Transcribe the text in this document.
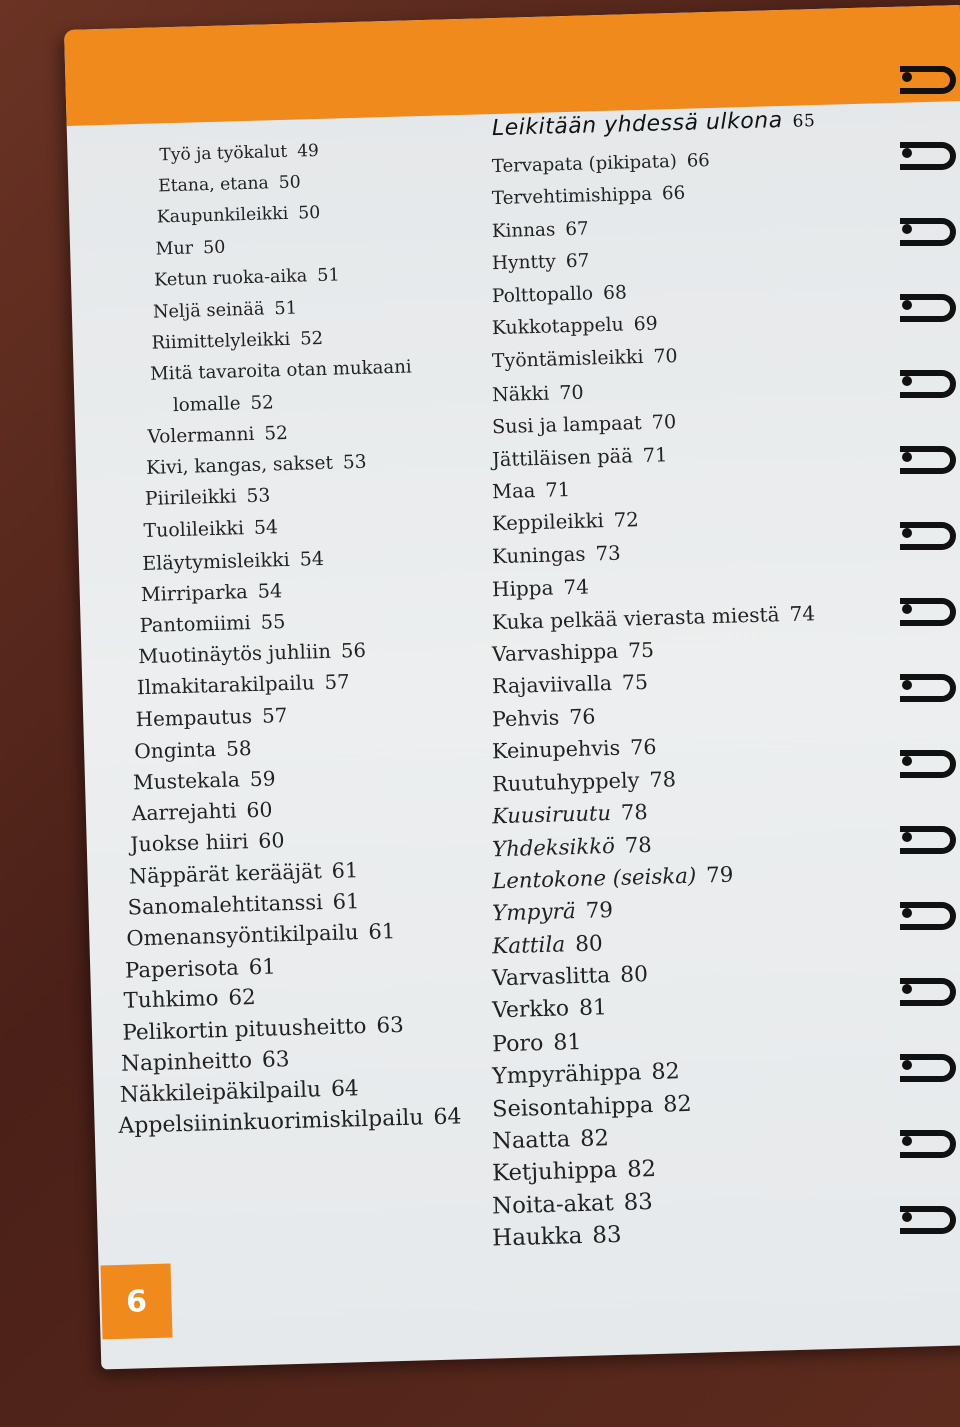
Leikitään yhdessä ulkona 65
Työ ja työkalut 49
Etana, etana 50
Kaupunkileikki 50
Mur 50
Ketun ruoka-aika 51
Neljä seinää 51
Riimittelyleikki 52
Mitä tavaroita otan mukaani
lomalle 52
Volermanni 52
Kivi, kangas, sakset 53
Piirileikki 53
Tuolileikki 54
Eläytymisleikki 54
Mirriparka 54
Pantomiimi 55
Muotinäytös juhliin 56
Ilmakitarakilpailu 57
Hempautus 57
Onginta 58
Mustekala 59
Aarrejahti 60
Juokse hiiri 60
Näppärät kerääjät 61
Sanomalehtitanssi 61
Omenansyöntikilpailu 61
Paperisota 61
Tuhkimo 62
Pelikortin pituusheitto 63
Napinheitto 63
Näkkileipäkilpailu 64
Appelsiininkuorimiskilpailu 64
Tervapata (pikipata) 66
Tervehtimishippa 66
Kinnas 67
Hyntty 67
Polttopallo 68
Kukkotappelu 69
Työntämisleikki 70
Näkki 70
Susi ja lampaat 70
Jättiläisen pää 71
Maa 71
Keppileikki 72
Kuningas 73
Hippa 74
Kuka pelkää vierasta miestä 74
Varvashippa 75
Rajaviivalla 75
Pehvis 76
Keinupehvis 76
Ruutuhyppely 78
Kuusiruutu 78
Yhdeksikkö 78
Lentokone (seiska) 79
Ympyrä 79
Kattila 80
Varvaslitta 80
Verkko 81
Poro 81
Ympyrähippa 82
Seisontahippa 82
Naatta 82
Ketjuhippa 82
Noita-akat 83
Haukka 83
6
